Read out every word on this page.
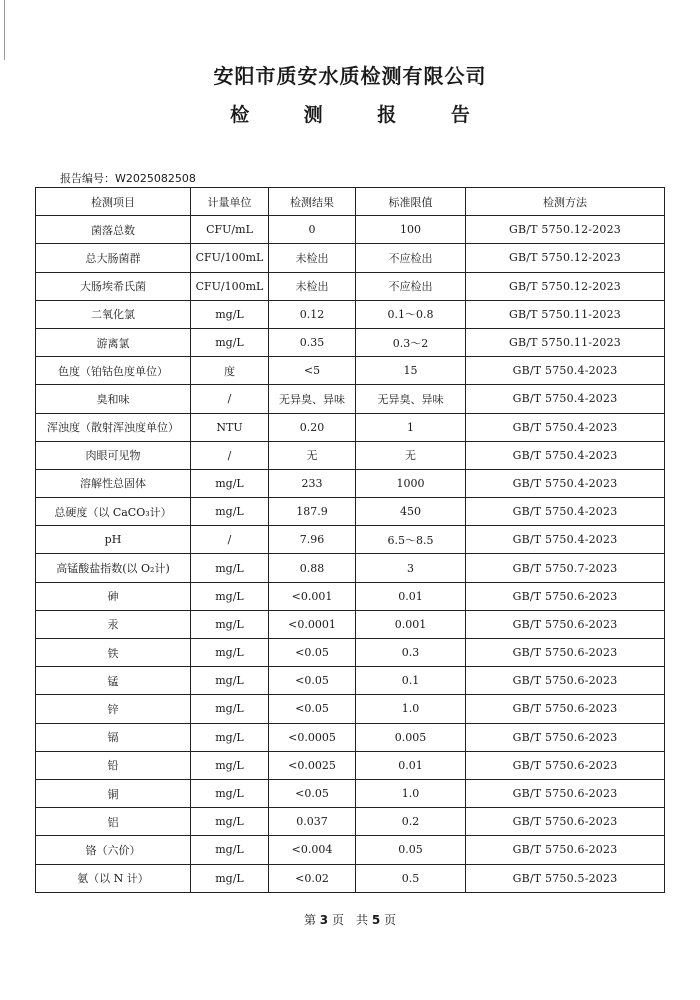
安阳市质安水质检测有限公司
检 测 报 告
报告编号：W2025082508
检测项目	计量单位	检测结果	标准限值	检测方法
菌落总数	CFU/mL	0	100	GB/T 5750.12-2023
总大肠菌群	CFU/100mL	未检出	不应检出	GB/T 5750.12-2023
大肠埃希氏菌	CFU/100mL	未检出	不应检出	GB/T 5750.12-2023
二氧化氯	mg/L	0.12	0.1～0.8	GB/T 5750.11-2023
游离氯	mg/L	0.35	0.3～2	GB/T 5750.11-2023
色度（铂钴色度单位）	度	<5	15	GB/T 5750.4-2023
臭和味	/	无异臭、异味	无异臭、异味	GB/T 5750.4-2023
浑浊度（散射浑浊度单位）	NTU	0.20	1	GB/T 5750.4-2023
肉眼可见物	/	无	无	GB/T 5750.4-2023
溶解性总固体	mg/L	233	1000	GB/T 5750.4-2023
总硬度（以 CaCO₃计）	mg/L	187.9	450	GB/T 5750.4-2023
pH	/	7.96	6.5～8.5	GB/T 5750.4-2023
高锰酸盐指数(以 O₂计)	mg/L	0.88	3	GB/T 5750.7-2023
砷	mg/L	<0.001	0.01	GB/T 5750.6-2023
汞	mg/L	<0.0001	0.001	GB/T 5750.6-2023
铁	mg/L	<0.05	0.3	GB/T 5750.6-2023
锰	mg/L	<0.05	0.1	GB/T 5750.6-2023
锌	mg/L	<0.05	1.0	GB/T 5750.6-2023
镉	mg/L	<0.0005	0.005	GB/T 5750.6-2023
铅	mg/L	<0.0025	0.01	GB/T 5750.6-2023
铜	mg/L	<0.05	1.0	GB/T 5750.6-2023
铝	mg/L	0.037	0.2	GB/T 5750.6-2023
铬（六价）	mg/L	<0.004	0.05	GB/T 5750.6-2023
氨（以 N 计）	mg/L	<0.02	0.5	GB/T 5750.5-2023
第 3 页　共 5 页
